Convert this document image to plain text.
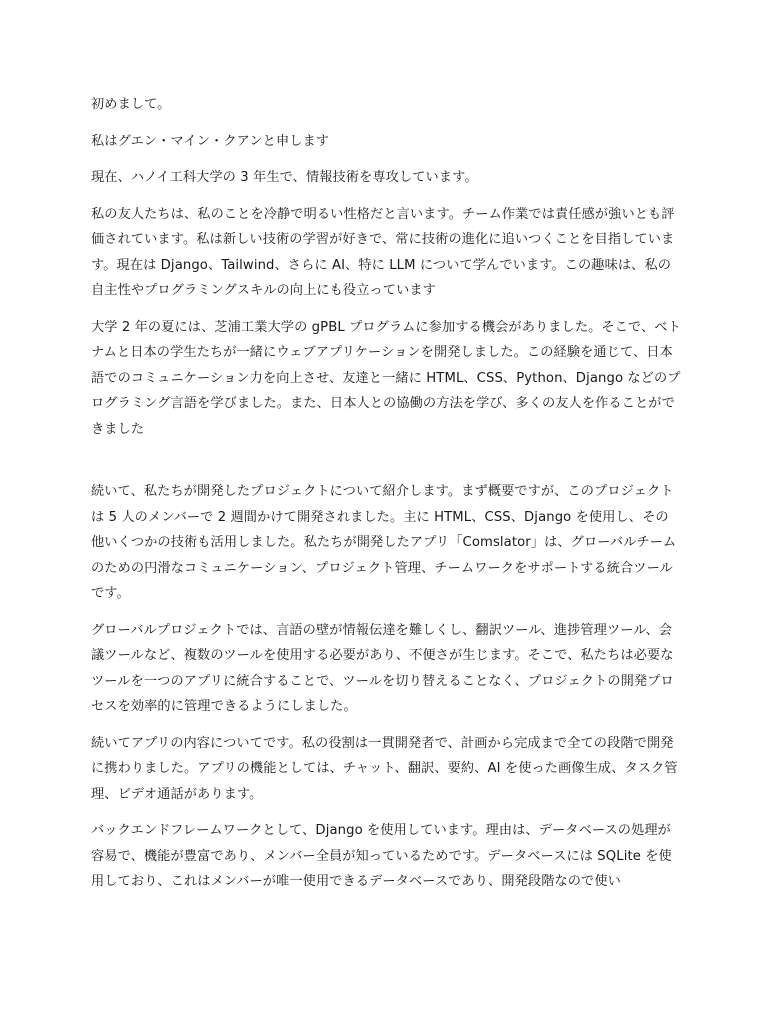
初めまして。

私はグエン・マイン・クアンと申します

現在、ハノイ工科大学の 3 年生で、情報技術を専攻しています。

私の友人たちは、私のことを冷静で明るい性格だと言います。チーム作業では責任感が強いとも評価されています。私は新しい技術の学習が好きで、常に技術の進化に追いつくことを目指しています。現在は Django、Tailwind、さらに AI、特に LLM について学んでいます。この趣味は、私の自主性やプログラミングスキルの向上にも役立っています

大学 2 年の夏には、芝浦工業大学の gPBL プログラムに参加する機会がありました。そこで、ベトナムと日本の学生たちが一緒にウェブアプリケーションを開発しました。この経験を通じて、日本語でのコミュニケーション力を向上させ、友達と一緒に HTML、CSS、Python、Django などのプログラミング言語を学びました。また、日本人との協働の方法を学び、多くの友人を作ることができました

続いて、私たちが開発したプロジェクトについて紹介します。まず概要ですが、このプロジェクトは 5 人のメンバーで 2 週間かけて開発されました。主に HTML、CSS、Django を使用し、その他いくつかの技術も活用しました。私たちが開発したアプリ「Comslator」は、グローバルチームのための円滑なコミュニケーション、プロジェクト管理、チームワークをサポートする統合ツールです。

グローバルプロジェクトでは、言語の壁が情報伝達を難しくし、翻訳ツール、進捗管理ツール、会議ツールなど、複数のツールを使用する必要があり、不便さが生じます。そこで、私たちは必要なツールを一つのアプリに統合することで、ツールを切り替えることなく、プロジェクトの開発プロセスを効率的に管理できるようにしました。

続いてアプリの内容についてです。私の役割は一貫開発者で、計画から完成まで全ての段階で開発に携わりました。アプリの機能としては、チャット、翻訳、要約、AI を使った画像生成、タスク管理、ビデオ通話があります。

バックエンドフレームワークとして、Django を使用しています。理由は、データベースの処理が容易で、機能が豊富であり、メンバー全員が知っているためです。データベースには SQLite を使用しており、これはメンバーが唯一使用できるデータベースであり、開発段階なので使い
